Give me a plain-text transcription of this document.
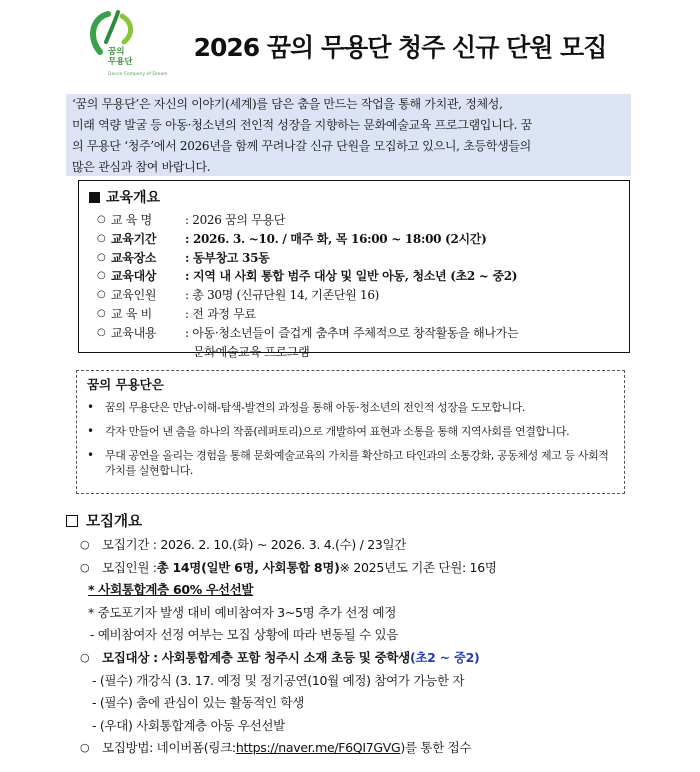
꿈의
무용단
Dance Company of Dream
2026 꿈의 무용단 청주 신규 단원 모집

‘꿈의 무용단’은 자신의 이야기(세계)를 담은 춤을 만드는 작업을 통해 가치관, 정체성,

미래 역량 발굴 등 아동·청소년의 전인적 성장을 지향하는 문화예술교육 프로그램입니다. 꿈

의 무용단 ‘청주’에서 2026년을 함께 꾸려나갈 신규 단원을 모집하고 있으니, 초등학생들의

많은 관심과 참여 바랍니다.

교육개요
○ 교 육 명	: 2026 꿈의 무용단
○ 교육기간	: 2026. 3. ~10. / 매주 화, 목 16:00 ~ 18:00 (2시간)
○ 교육장소	: 동부창고 35동
○ 교육대상	: 지역 내 사회 통합 범주 대상 및 일반 아동, 청소년 (초2 ~ 중2)
○ 교육인원	: 총 30명 (신규단원 14, 기존단원 16)
○ 교 육 비	: 전 과정 무료
○ 교육내용	: 아동·청소년들이 즐겁게 춤추며 주체적으로 창작활동을 해나가는
문화예술교육 프로그램
꿈의 무용단은
•	꿈의 무용단은 만남-이해-탐색-발견의 과정을 통해 아동·청소년의 전인적 성장을 도모합니다.
•	각자 만들어 낸 춤을 하나의 작품(레퍼토리)으로 개발하여 표현과 소통을 통해 지역사회를 연결합니다.
•	무대 공연을 올리는 경험을 통해 문화예술교육의 가치를 확산하고 타인과의 소통강화, 공동체성 제고 등 사회적 가치를 실현합니다.
모집개요
○	모집기간 : 2026. 2. 10.(화) ~ 2026. 3. 4.(수) / 23일간
○	모집인원 : 총 14명(일반 6명, 사회통합 8명) ※ 2025년도 기존 단원: 16명
* 사회통합계층 60% 우선선발
* 중도포기자 발생 대비 예비참여자 3~5명 추가 선정 예정
- 예비참여자 선정 여부는 모집 상황에 따라 변동될 수 있음
○	모집대상 : 사회통합계층 포함 청주시 소재 초등 및 중학생 (초2 ~ 중2)
- (필수) 개강식 (3. 17. 예정 및 정기공연(10월 예정) 참여가 가능한 자
- (필수) 춤에 관심이 있는 활동적인 학생
- (우대) 사회통합계층 아동 우선선발
○	모집방법: 네이버폼(링크: https://naver.me/F6QI7GVG )를 통한 접수
